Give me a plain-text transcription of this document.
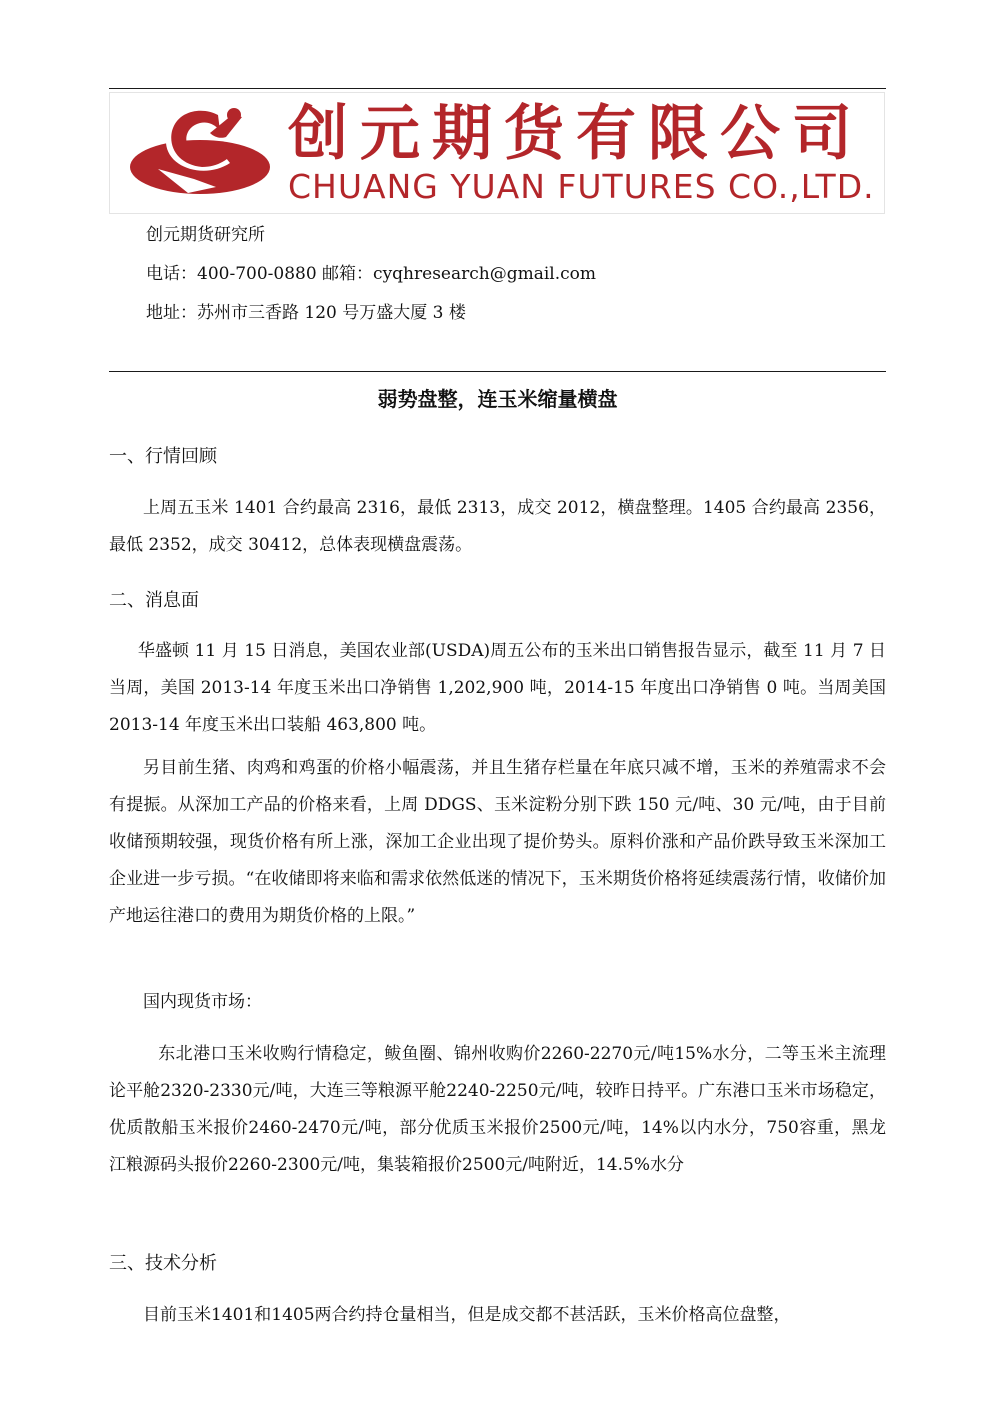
创元期货有限公司
CHUANG YUAN FUTURES CO.,LTD.
创元期货研究所
电话：400-700-0880 邮箱：cyqhresearch@gmail.com
地址：苏州市三香路 120 号万盛大厦 3 楼
弱势盘整，连玉米缩量横盘
一、行情回顾

上周五玉米 1401 合约最高 2316，最低 2313，成交 2012，横盘整理。1405 合约最高 2356，最低 2352，成交 30412，总体表现横盘震荡。

二、消息面

华盛顿 11 月 15 日消息，美国农业部(USDA)周五公布的玉米出口销售报告显示，截至 11 月 7 日当周，美国 2013-14 年度玉米出口净销售 1,202,900 吨，2014-15 年度出口净销售 0 吨。当周美国 2013-14 年度玉米出口装船 463,800 吨。

另目前生猪、肉鸡和鸡蛋的价格小幅震荡，并且生猪存栏量在年底只减不增，玉米的养殖需求不会有提振。从深加工产品的价格来看，上周 DDGS、玉米淀粉分别下跌 150 元/吨、30 元/吨，由于目前收储预期较强，现货价格有所上涨，深加工企业出现了提价势头。原料价涨和产品价跌导致玉米深加工企业进一步亏损。“在收储即将来临和需求依然低迷的情况下，玉米期货价格将延续震荡行情，收储价加产地运往港口的费用为期货价格的上限。”

国内现货市场：

东北港口玉米收购行情稳定，鲅鱼圈、锦州收购价2260-2270元/吨15%水分，二等玉米主流理论平舱2320-2330元/吨，大连三等粮源平舱2240-2250元/吨，较昨日持平。广东港口玉米市场稳定，优质散船玉米报价2460-2470元/吨，部分优质玉米报价2500元/吨，14%以内水分，750容重，黑龙江粮源码头报价2260-2300元/吨，集装箱报价2500元/吨附近，14.5%水分

三、技术分析

目前玉米1401和1405两合约持仓量相当，但是成交都不甚活跃，玉米价格高位盘整，
